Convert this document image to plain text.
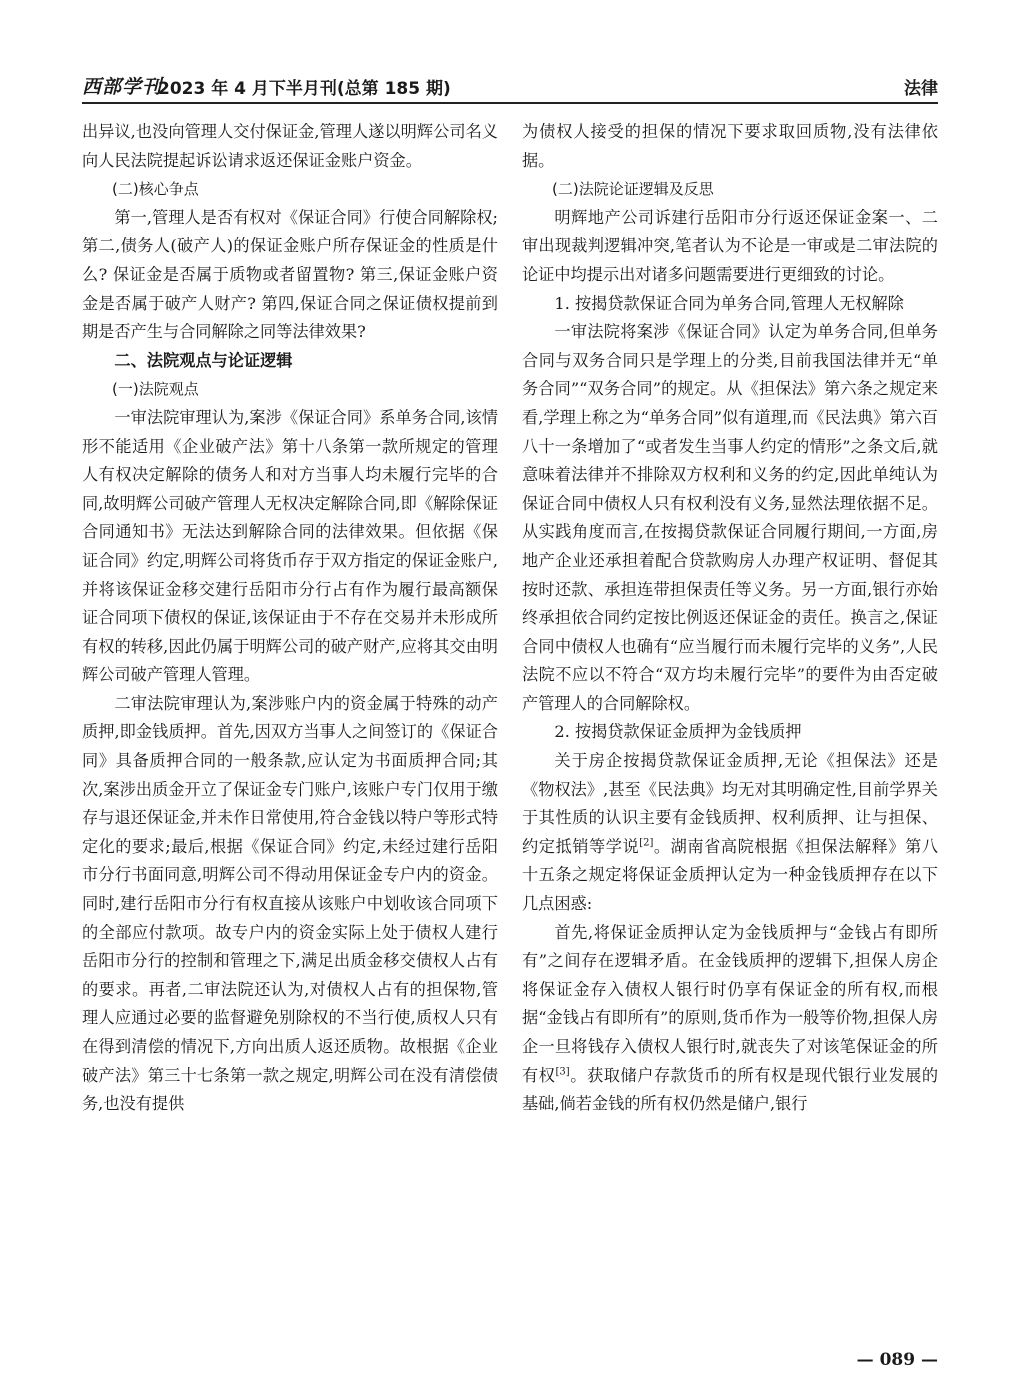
西部学刊
2023 年 4 月下半月刊(总第 185 期)	法律

出异议,也没向管理人交付保证金,管理人遂以明辉公司名义向人民法院提起诉讼请求返还保证金账户资金。

(二)核心争点

第一,管理人是否有权对《保证合同》行使合同解除权;第二,债务人(破产人)的保证金账户所存保证金的性质是什么? 保证金是否属于质物或者留置物? 第三,保证金账户资金是否属于破产人财产? 第四,保证合同之保证债权提前到期是否产生与合同解除之同等法律效果?

二、法院观点与论证逻辑

(一)法院观点

一审法院审理认为,案涉《保证合同》系单务合同,该情形不能适用《企业破产法》第十八条第一款所规定的管理人有权决定解除的债务人和对方当事人均未履行完毕的合同,故明辉公司破产管理人无权决定解除合同,即《解除保证合同通知书》无法达到解除合同的法律效果。但依据《保证合同》约定,明辉公司将货币存于双方指定的保证金账户,并将该保证金移交建行岳阳市分行占有作为履行最高额保证合同项下债权的保证,该保证由于不存在交易并未形成所有权的转移,因此仍属于明辉公司的破产财产,应将其交由明辉公司破产管理人管理。

二审法院审理认为,案涉账户内的资金属于特殊的动产质押,即金钱质押。首先,因双方当事人之间签订的《保证合同》具备质押合同的一般条款,应认定为书面质押合同;其次,案涉出质金开立了保证金专门账户,该账户专门仅用于缴存与退还保证金,并未作日常使用,符合金钱以特户等形式特定化的要求;最后,根据《保证合同》约定,未经过建行岳阳市分行书面同意,明辉公司不得动用保证金专户内的资金。同时,建行岳阳市分行有权直接从该账户中划收该合同项下的全部应付款项。故专户内的资金实际上处于债权人建行岳阳市分行的控制和管理之下,满足出质金移交债权人占有的要求。再者,二审法院还认为,对债权人占有的担保物,管理人应通过必要的监督避免别除权的不当行使,质权人只有在得到清偿的情况下,方向出质人返还质物。故根据《企业破产法》第三十七条第一款之规定,明辉公司在没有清偿债务,也没有提供

为债权人接受的担保的情况下要求取回质物,没有法律依据。

(二)法院论证逻辑及反思

明辉地产公司诉建行岳阳市分行返还保证金案一、二审出现裁判逻辑冲突,笔者认为不论是一审或是二审法院的论证中均提示出对诸多问题需要进行更细致的讨论。

1. 按揭贷款保证合同为单务合同,管理人无权解除

一审法院将案涉《保证合同》认定为单务合同,但单务合同与双务合同只是学理上的分类,目前我国法律并无“单务合同”“双务合同”的规定。从《担保法》第六条之规定来看,学理上称之为“单务合同”似有道理,而《民法典》第六百八十一条增加了“或者发生当事人约定的情形”之条文后,就意味着法律并不排除双方权利和义务的约定,因此单纯认为保证合同中债权人只有权利没有义务,显然法理依据不足。从实践角度而言,在按揭贷款保证合同履行期间,一方面,房地产企业还承担着配合贷款购房人办理产权证明、督促其按时还款、承担连带担保责任等义务。另一方面,银行亦始终承担依合同约定按比例返还保证金的责任。换言之,保证合同中债权人也确有“应当履行而未履行完毕的义务”,人民法院不应以不符合“双方均未履行完毕”的要件为由否定破产管理人的合同解除权。

2. 按揭贷款保证金质押为金钱质押

关于房企按揭贷款保证金质押,无论《担保法》还是《物权法》,甚至《民法典》均无对其明确定性,目前学界关于其性质的认识主要有金钱质押、权利质押、让与担保、约定抵销等学说[2]。湖南省高院根据《担保法解释》第八十五条之规定将保证金质押认定为一种金钱质押存在以下几点困惑:

首先,将保证金质押认定为金钱质押与“金钱占有即所有”之间存在逻辑矛盾。在金钱质押的逻辑下,担保人房企将保证金存入债权人银行时仍享有保证金的所有权,而根据“金钱占有即所有”的原则,货币作为一般等价物,担保人房企一旦将钱存入债权人银行时,就丧失了对该笔保证金的所有权[3]。获取储户存款货币的所有权是现代银行业发展的基础,倘若金钱的所有权仍然是储户,银行

— 089 —
